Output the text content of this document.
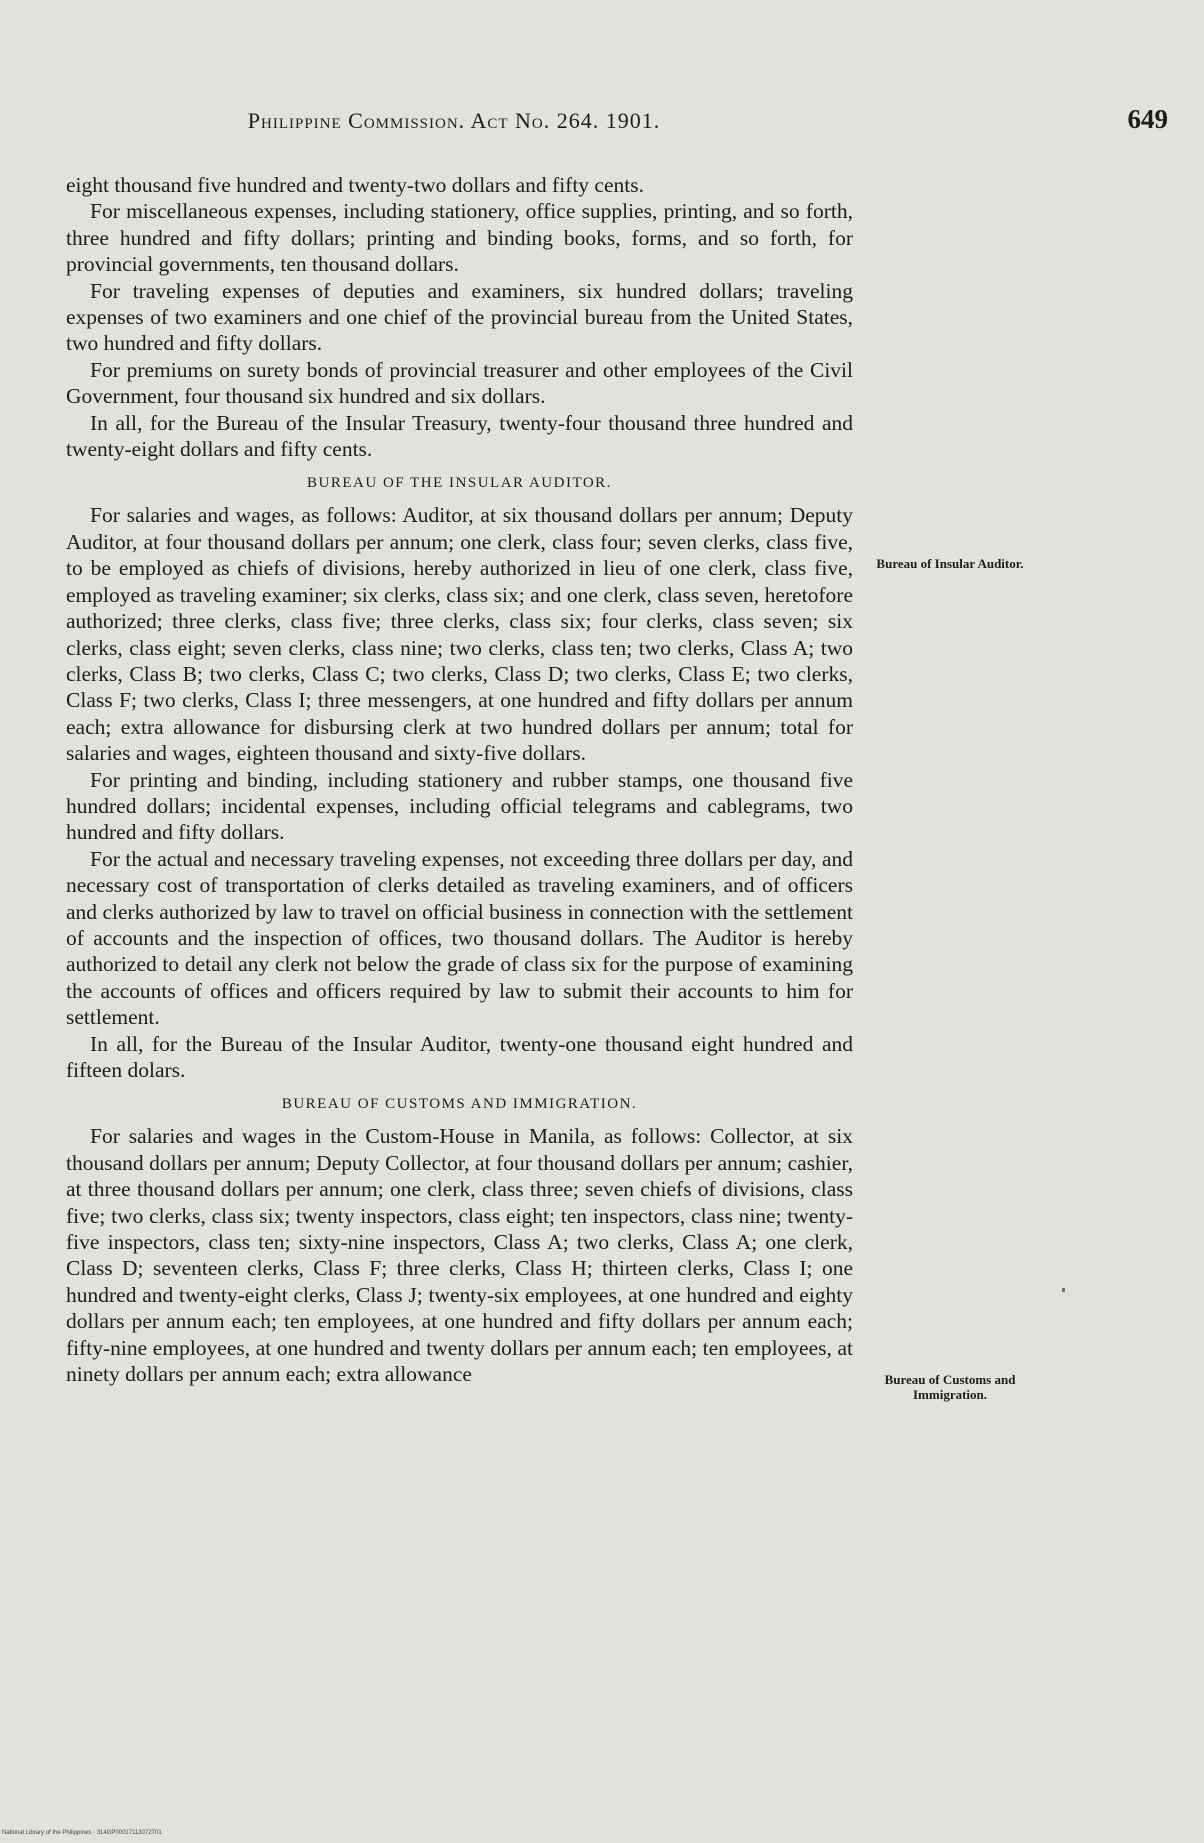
Philippine Commission. Act No. 264. 1901.	649

eight thousand five hundred and twenty-two dollars and fifty cents.

For miscellaneous expenses, including stationery, office supplies, printing, and so forth, three hundred and fifty dollars; printing and binding books, forms, and so forth, for provincial governments, ten thousand dollars.

For traveling expenses of deputies and examiners, six hundred dollars; traveling expenses of two examiners and one chief of the provincial bureau from the United States, two hundred and fifty dollars.

For premiums on surety bonds of provincial treasurer and other employees of the Civil Government, four thousand six hundred and six dollars.

In all, for the Bureau of the Insular Treasury, twenty-four thousand three hundred and twenty-eight dollars and fifty cents.

BUREAU OF THE INSULAR AUDITOR.

For salaries and wages, as follows: Auditor, at six thousand dollars per annum; Deputy Auditor, at four thousand dollars per annum; one clerk, class four; seven clerks, class five, to be employed as chiefs of divisions, hereby authorized in lieu of one clerk, class five, employed as traveling examiner; six clerks, class six; and one clerk, class seven, heretofore authorized; three clerks, class five; three clerks, class six; four clerks, class seven; six clerks, class eight; seven clerks, class nine; two clerks, class ten; two clerks, Class A; two clerks, Class B; two clerks, Class C; two clerks, Class D; two clerks, Class E; two clerks, Class F; two clerks, Class I; three messengers, at one hundred and fifty dollars per annum each; extra allowance for disbursing clerk at two hundred dollars per annum; total for salaries and wages, eighteen thousand and sixty-five dollars.

For printing and binding, including stationery and rubber stamps, one thousand five hundred dollars; incidental expenses, including official telegrams and cablegrams, two hundred and fifty dollars.

For the actual and necessary traveling expenses, not exceeding three dollars per day, and necessary cost of transportation of clerks detailed as traveling examiners, and of officers and clerks authorized by law to travel on official business in connection with the settlement of accounts and the inspection of offices, two thousand dollars. The Auditor is hereby authorized to detail any clerk not below the grade of class six for the purpose of examining the accounts of offices and officers required by law to submit their accounts to him for settlement.

In all, for the Bureau of the Insular Auditor, twenty-one thousand eight hundred and fifteen dolars.

BUREAU OF CUSTOMS AND IMMIGRATION.

For salaries and wages in the Custom-House in Manila, as follows: Collector, at six thousand dollars per annum; Deputy Collector, at four thousand dollars per annum; cashier, at three thousand dollars per annum; one clerk, class three; seven chiefs of divisions, class five; two clerks, class six; twenty inspectors, class eight; ten inspectors, class nine; twenty-five inspectors, class ten; sixty-nine inspectors, Class A; two clerks, Class A; one clerk, Class D; seventeen clerks, Class F; three clerks, Class H; thirteen clerks, Class I; one hundred and twenty-eight clerks, Class J; twenty-six employees, at one hundred and eighty dollars per annum each; ten employees, at one hundred and fifty dollars per annum each; fifty-nine employees, at one hundred and twenty dollars per annum each; ten employees, at ninety dollars per annum each; extra allowance

Bureau of Insular Auditor.
Bureau of Customs and Immigration.
National Library of the Philippines · 314GP00017113072701
